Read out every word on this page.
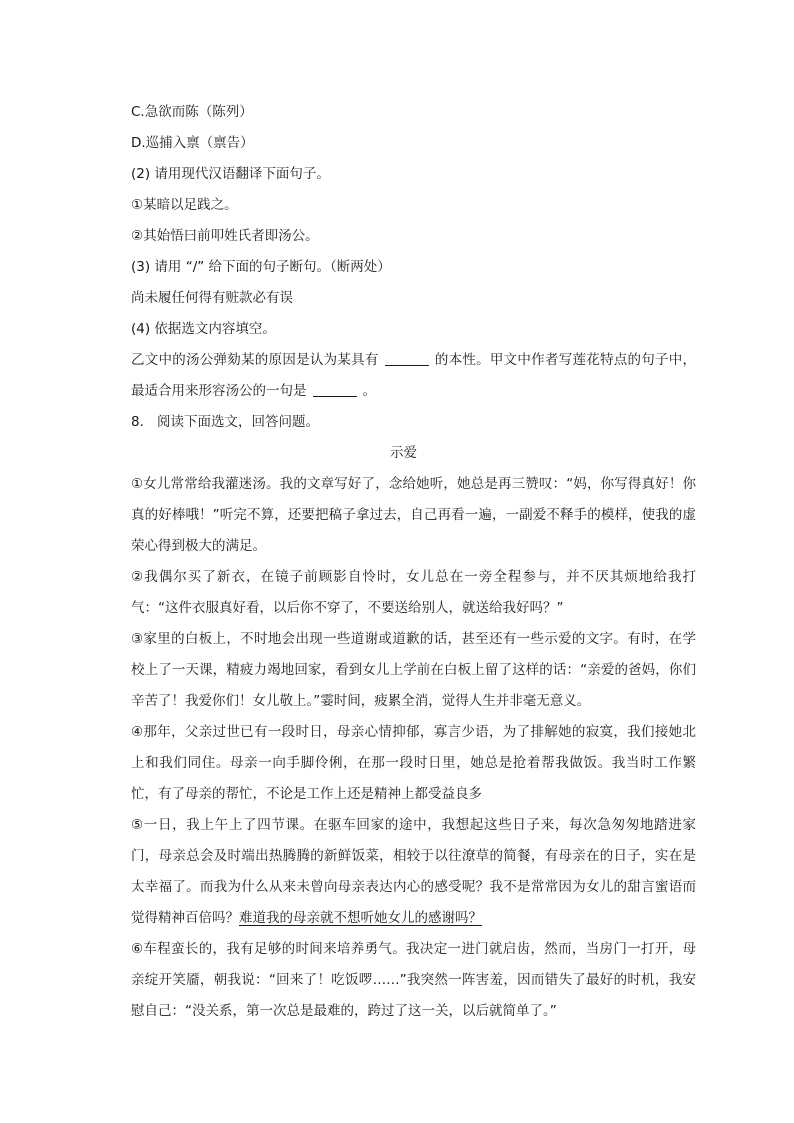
C.急欲而陈（陈列）
D.巡捕入禀（禀告）
(2) 请用现代汉语翻译下面句子。
①某暗以足践之。
②其始悟曰前叩姓氏者即汤公。
(3) 请用 “/” 给下面的句子断句。（断两处）
尚未履任何得有赃款必有误
(4) 依据选文内容填空。
乙文中的汤公弹劾某的原因是认为某具有	的本性。甲文中作者写莲花特点的句子中，最适合用来形容汤公的一句是	。
8. 阅读下面选文，回答问题。
示爱
①女儿常常给我灌迷汤。我的文章写好了，念给她听，她总是再三赞叹：“妈，你写得真好！你真的好棒哦！”听完不算，还要把稿子拿过去，自己再看一遍，一副爱不释手的模样，使我的虚荣心得到极大的满足。
②我偶尔买了新衣，在镜子前顾影自怜时，女儿总在一旁全程参与，并不厌其烦地给我打气：“这件衣服真好看，以后你不穿了，不要送给别人，就送给我好吗？”
③家里的白板上，不时地会出现一些道谢或道歉的话，甚至还有一些示爱的文字。有时，在学校上了一天课，精疲力竭地回家，看到女儿上学前在白板上留了这样的话：“亲爱的爸妈，你们辛苦了！我爱你们！女儿敬上。”霎时间，疲累全消，觉得人生并非毫无意义。
④那年，父亲过世已有一段时日，母亲心情抑郁，寡言少语，为了排解她的寂寞，我们接她北上和我们同住。母亲一向手脚伶俐，在那一段时日里，她总是抢着帮我做饭。我当时工作繁忙，有了母亲的帮忙，不论是工作上还是精神上都受益良多
⑤一日，我上午上了四节课。在驱车回家的途中，我想起这些日子来，每次急匆匆地踏进家门，母亲总会及时端出热腾腾的新鲜饭菜，相较于以往潦草的简餐，有母亲在的日子，实在是太幸福了。而我为什么从来未曾向母亲表达内心的感受呢？我不是常常因为女儿的甜言蜜语而觉得精神百倍吗？难道我的母亲就不想听她女儿的感谢吗？
⑥车程蛮长的，我有足够的时间来培养勇气。我决定一进门就启齿，然而，当房门一打开，母亲绽开笑靥，朝我说：“回来了！吃饭啰……”我突然一阵害羞，因而错失了最好的时机，我安慰自己：“没关系，第一次总是最难的，跨过了这一关，以后就简单了。”
